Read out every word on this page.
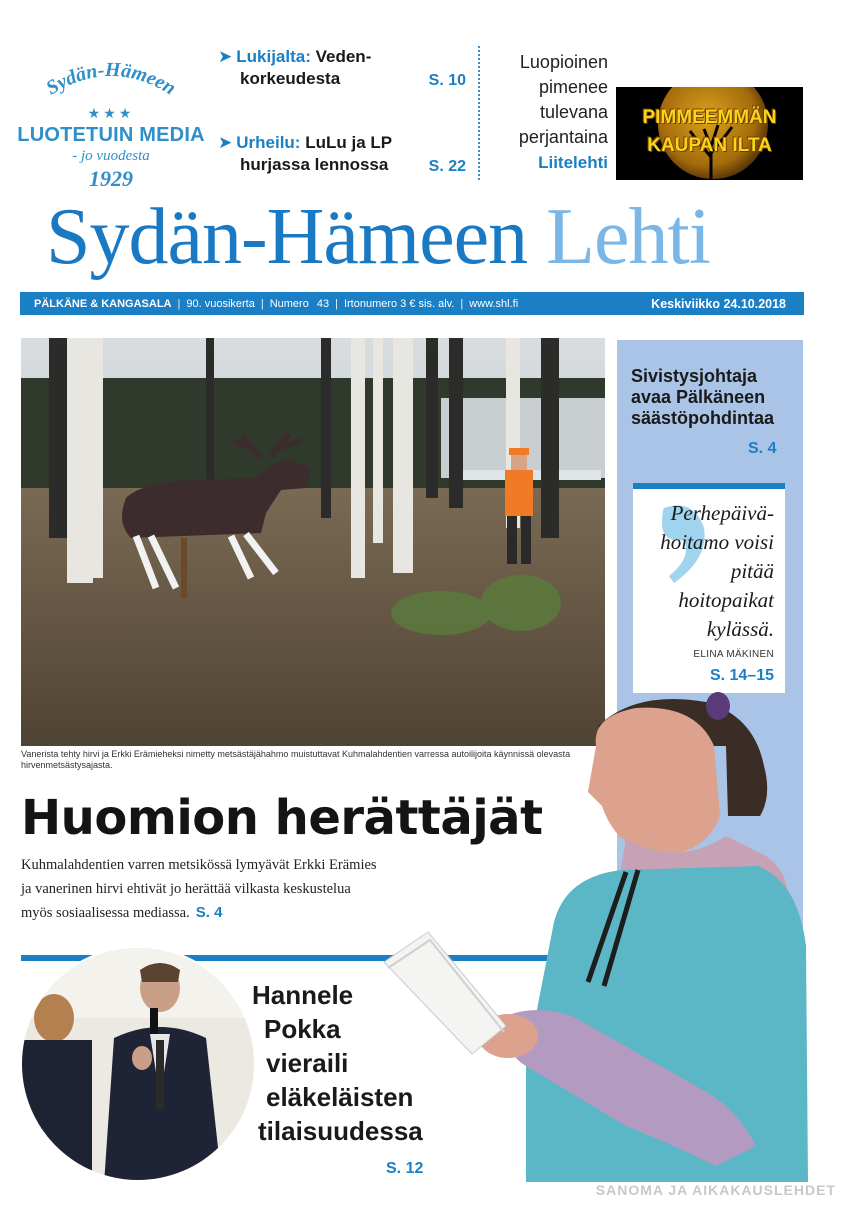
Sydän-Hämeen
★★★
LUOTETUIN MEDIA
- jo vuodesta
1929
➤ Lukijalta: Veden-
korkeudesta	S. 10
➤ Urheilu: LuLu ja LP
hurjassa lennossa	S. 22
Luopioinen
pimenee
tulevana
perjantaina
Liitelehti
PIMMEEMMÄN
KAUPAN ILTA
Sydän-Hämeen Lehti
PÄLKÄNE & KANGASALA | 90. vuosikerta | Numero 43 | Irtonumero 3 € sis. alv. | www.shl.fi	Keskiviikko 24.10.2018
Vanerista tehty hirvi ja Erkki Erämieheksi nimetty metsästäjähahmo muistuttavat Kuhmalahdentien varressa autoilijoita käynnissä olevasta hirvenmetsästysajasta.
Sivistysjohtaja avaa Pälkäneen säästöpohdintaa
S. 4
Perhepäivä-hoitamo voisi pitää hoitopaikat kylässä.
ELINA MÄKINEN
S. 14–15
Huomion herättäjät
Kuhmalahdentien varren metsikössä lymyävät Erkki Erämies ja vanerinen hirvi ehtivät jo herättää vilkasta keskustelua myös sosiaalisessa mediassa. S. 4
Hannele
Pokka
vieraili
eläkeläisten
tilaisuudessa
S. 12
SANOMA JA AIKAKAUSLEHDET
